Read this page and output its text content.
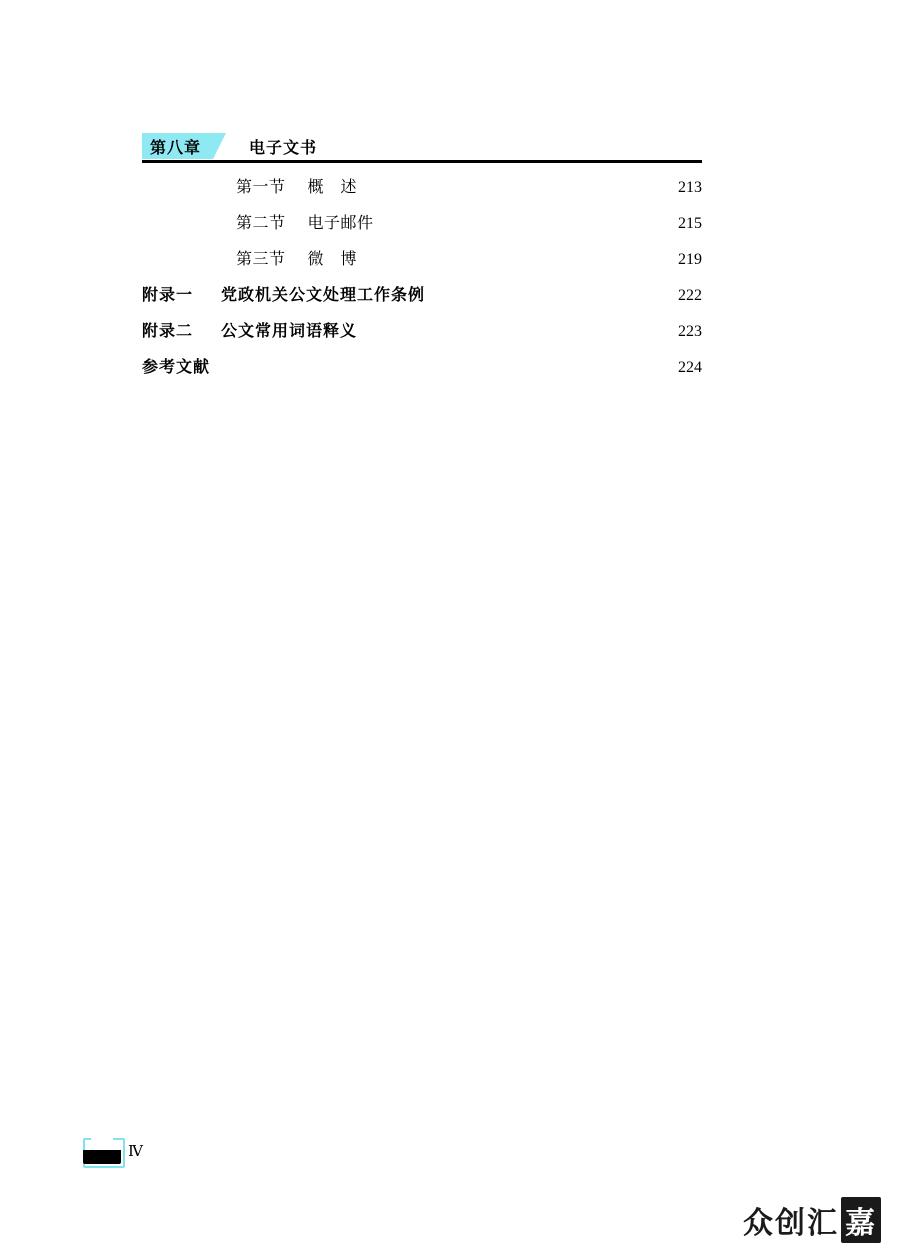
第八章	电子文书
第一节 概　述 ·····	213
第二节 电子邮件 ·····	215
第三节 微　博 ·····	219
附录一 党政机关公文处理工作条例 ·····	222
附录二 公文常用词语释义 ·····	223
参考文献 ·····	224
Ⅳ
众创汇 嘉
